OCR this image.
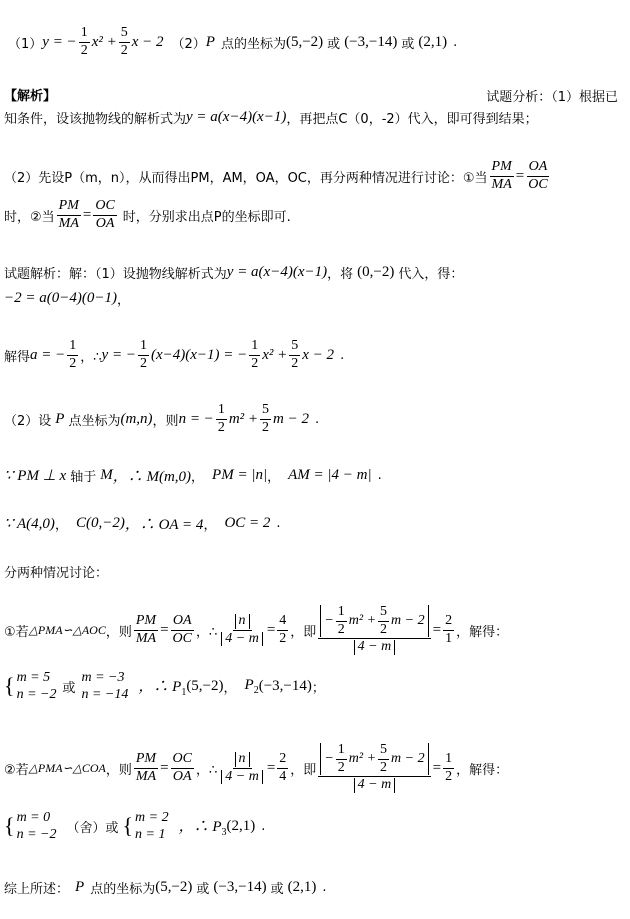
（1） y = − $\frac{1}{2} x^2 + \frac{5}{2}$ x − 2 （2） P 点的坐标为 (5,−2) 或 (−3,−14) 或 (2,1) .
【解析】	试题分析：（1）根据已
知条件，设该抛物线的解析式为 y = a(x−4)(x−1) ，再把点C（0，-2）代入，即可得到结果；
（2）先设P（m，n），从而得出PM，AM，OA，OC，再分两种情况进行讨论：①当 $\frac{PM}{MA} = \frac{OA}{OC}$
时，②当 $\frac{PM}{MA} = \frac{OC}{OA}$ 时，分别求出点P的坐标即可.
试题解析：解：（1）设抛物线解析式为 y = a(x−4)(x−1) ，将 (0,−2) 代入，得：
−2 = a(0−4)(0−1) ，
解得 a = − $\frac{1}{2}$ ，∴ y = − $\frac{1}{2} (x-4)(x-1)$ = − $\frac{1}{2} x^2 + \frac{5}{2}$ x − 2 .
（2）设 P 点坐标为 (m,n) ，则 n = − $\frac{1}{2} m^2 + \frac{5}{2}$ m − 2 .
∵ PM ⊥ x 轴于 M ，∴ M(m,0) ， PM = |n| ， AM = |4 − m| .
∵ A(4,0) ， C(0,−2) ，∴ OA = 4 ， OC = 2 .
分两种情况讨论：
①若 △PMA∽△AOC ，则 $\frac{PM}{MA} = \frac{OA}{OC}$ ，∴ $\frac{n}{4 - m} = \frac{4}{2}$ ，即 $\frac{- \frac{1}{2} m^2 + \frac{5}{2} m - 2}{4 - m} = \frac{2}{1}$ ，解得：
{ m = 5
n = −2 或
m = −3
n = −14 ，∴ $P_1$ (5,−2) ， $P_2$ (−3,−14) ；
②若 △PMA∽△COA ，则 $\frac{PM}{MA} = \frac{OC}{OA}$ ，∴ $\frac{n}{4 - m} = \frac{2}{4}$ ，即 $\frac{- \frac{1}{2} m^2 + \frac{5}{2} m - 2}{4 - m} = \frac{1}{2}$ ，解得：
{ m = 0
n = −2 （舍）或 { m = 2
n = 1 ，∴ $P_3$ (2,1) .
综上所述： P 点的坐标为 (5,−2) 或 (−3,−14) 或 (2,1) .
